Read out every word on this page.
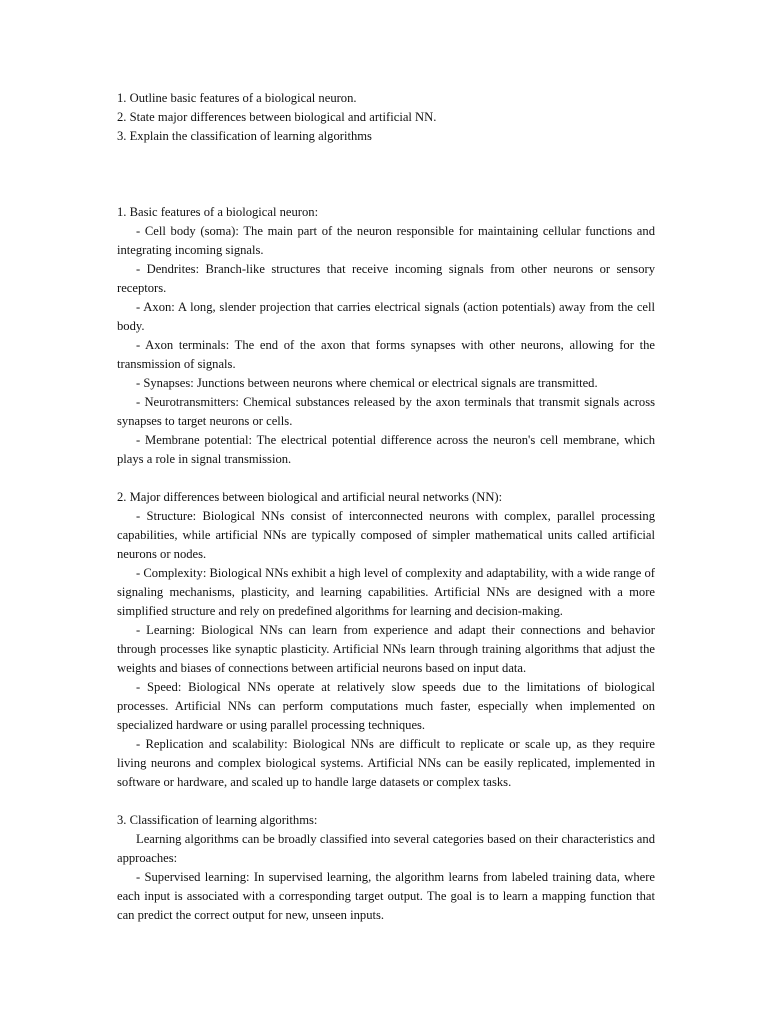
1. Outline basic features of a biological neuron.

2. State major differences between biological and artificial NN.

3. Explain the classification of learning algorithms

1. Basic features of a biological neuron:

- Cell body (soma): The main part of the neuron responsible for maintaining cellular functions and integrating incoming signals.

- Dendrites: Branch-like structures that receive incoming signals from other neurons or sensory receptors.

- Axon: A long, slender projection that carries electrical signals (action potentials) away from the cell body.

- Axon terminals: The end of the axon that forms synapses with other neurons, allowing for the transmission of signals.

- Synapses: Junctions between neurons where chemical or electrical signals are transmitted.

- Neurotransmitters: Chemical substances released by the axon terminals that transmit signals across synapses to target neurons or cells.

- Membrane potential: The electrical potential difference across the neuron's cell membrane, which plays a role in signal transmission.

2. Major differences between biological and artificial neural networks (NN):

- Structure: Biological NNs consist of interconnected neurons with complex, parallel processing capabilities, while artificial NNs are typically composed of simpler mathematical units called artificial neurons or nodes.

- Complexity: Biological NNs exhibit a high level of complexity and adaptability, with a wide range of signaling mechanisms, plasticity, and learning capabilities. Artificial NNs are designed with a more simplified structure and rely on predefined algorithms for learning and decision-making.

- Learning: Biological NNs can learn from experience and adapt their connections and behavior through processes like synaptic plasticity. Artificial NNs learn through training algorithms that adjust the weights and biases of connections between artificial neurons based on input data.

- Speed: Biological NNs operate at relatively slow speeds due to the limitations of biological processes. Artificial NNs can perform computations much faster, especially when implemented on specialized hardware or using parallel processing techniques.

- Replication and scalability: Biological NNs are difficult to replicate or scale up, as they require living neurons and complex biological systems. Artificial NNs can be easily replicated, implemented in software or hardware, and scaled up to handle large datasets or complex tasks.

3. Classification of learning algorithms:

Learning algorithms can be broadly classified into several categories based on their characteristics and approaches:

- Supervised learning: In supervised learning, the algorithm learns from labeled training data, where each input is associated with a corresponding target output. The goal is to learn a mapping function that can predict the correct output for new, unseen inputs.
